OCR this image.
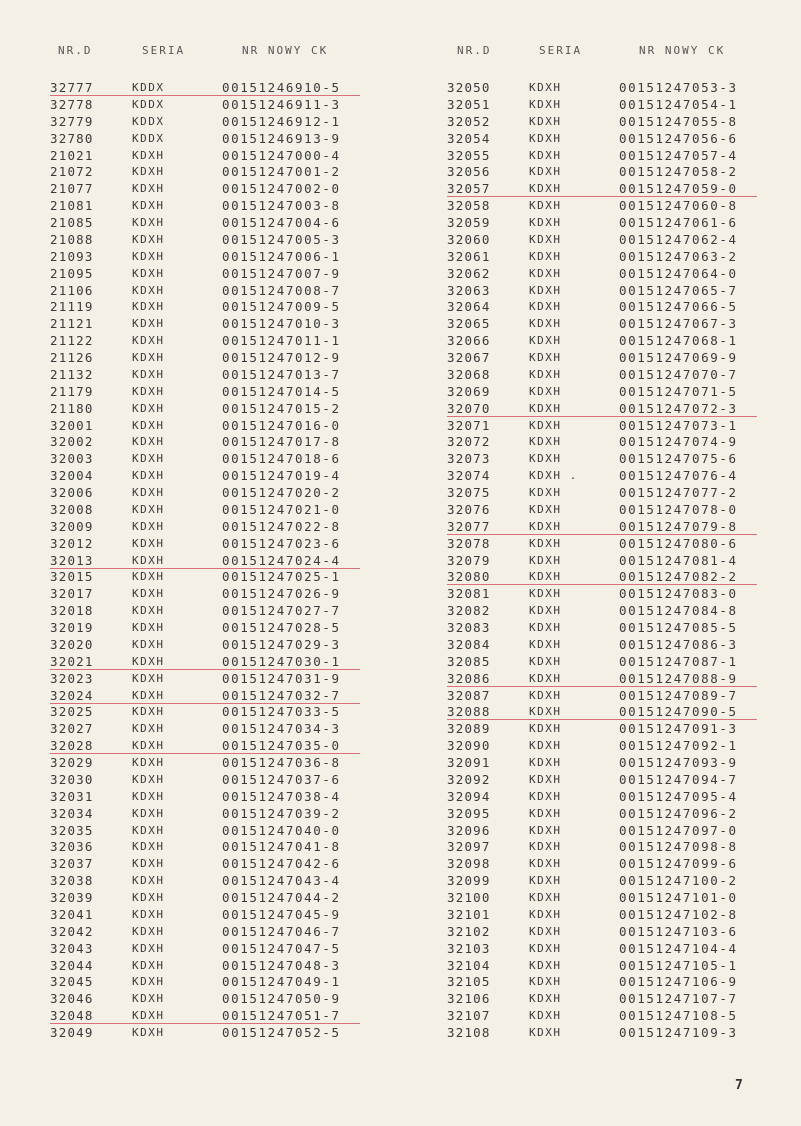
NR.D	SERIA	NR NOWY CK
32777	KDDX	00151246910-5
32778	KDDX	00151246911-3
32779	KDDX	00151246912-1
32780	KDDX	00151246913-9
21021	KDXH	00151247000-4
21072	KDXH	00151247001-2
21077	KDXH	00151247002-0
21081	KDXH	00151247003-8
21085	KDXH	00151247004-6
21088	KDXH	00151247005-3
21093	KDXH	00151247006-1
21095	KDXH	00151247007-9
21106	KDXH	00151247008-7
21119	KDXH	00151247009-5
21121	KDXH	00151247010-3
21122	KDXH	00151247011-1
21126	KDXH	00151247012-9
21132	KDXH	00151247013-7
21179	KDXH	00151247014-5
21180	KDXH	00151247015-2
32001	KDXH	00151247016-0
32002	KDXH	00151247017-8
32003	KDXH	00151247018-6
32004	KDXH	00151247019-4
32006	KDXH	00151247020-2
32008	KDXH	00151247021-0
32009	KDXH	00151247022-8
32012	KDXH	00151247023-6
32013	KDXH	00151247024-4
32015	KDXH	00151247025-1
32017	KDXH	00151247026-9
32018	KDXH	00151247027-7
32019	KDXH	00151247028-5
32020	KDXH	00151247029-3
32021	KDXH	00151247030-1
32023	KDXH	00151247031-9
32024	KDXH	00151247032-7
32025	KDXH	00151247033-5
32027	KDXH	00151247034-3
32028	KDXH	00151247035-0
32029	KDXH	00151247036-8
32030	KDXH	00151247037-6
32031	KDXH	00151247038-4
32034	KDXH	00151247039-2
32035	KDXH	00151247040-0
32036	KDXH	00151247041-8
32037	KDXH	00151247042-6
32038	KDXH	00151247043-4
32039	KDXH	00151247044-2
32041	KDXH	00151247045-9
32042	KDXH	00151247046-7
32043	KDXH	00151247047-5
32044	KDXH	00151247048-3
32045	KDXH	00151247049-1
32046	KDXH	00151247050-9
32048	KDXH	00151247051-7
32049	KDXH	00151247052-5
NR.D	SERIA	NR NOWY CK
32050	KDXH	00151247053-3
32051	KDXH	00151247054-1
32052	KDXH	00151247055-8
32054	KDXH	00151247056-6
32055	KDXH	00151247057-4
32056	KDXH	00151247058-2
32057	KDXH	00151247059-0
32058	KDXH	00151247060-8
32059	KDXH	00151247061-6
32060	KDXH	00151247062-4
32061	KDXH	00151247063-2
32062	KDXH	00151247064-0
32063	KDXH	00151247065-7
32064	KDXH	00151247066-5
32065	KDXH	00151247067-3
32066	KDXH	00151247068-1
32067	KDXH	00151247069-9
32068	KDXH	00151247070-7
32069	KDXH	00151247071-5
32070	KDXH	00151247072-3
32071	KDXH	00151247073-1
32072	KDXH	00151247074-9
32073	KDXH	00151247075-6
32074	KDXH .	00151247076-4
32075	KDXH	00151247077-2
32076	KDXH	00151247078-0
32077	KDXH	00151247079-8
32078	KDXH	00151247080-6
32079	KDXH	00151247081-4
32080	KDXH	00151247082-2
32081	KDXH	00151247083-0
32082	KDXH	00151247084-8
32083	KDXH	00151247085-5
32084	KDXH	00151247086-3
32085	KDXH	00151247087-1
32086	KDXH	00151247088-9
32087	KDXH	00151247089-7
32088	KDXH	00151247090-5
32089	KDXH	00151247091-3
32090	KDXH	00151247092-1
32091	KDXH	00151247093-9
32092	KDXH	00151247094-7
32094	KDXH	00151247095-4
32095	KDXH	00151247096-2
32096	KDXH	00151247097-0
32097	KDXH	00151247098-8
32098	KDXH	00151247099-6
32099	KDXH	00151247100-2
32100	KDXH	00151247101-0
32101	KDXH	00151247102-8
32102	KDXH	00151247103-6
32103	KDXH	00151247104-4
32104	KDXH	00151247105-1
32105	KDXH	00151247106-9
32106	KDXH	00151247107-7
32107	KDXH	00151247108-5
32108	KDXH	00151247109-3
7
